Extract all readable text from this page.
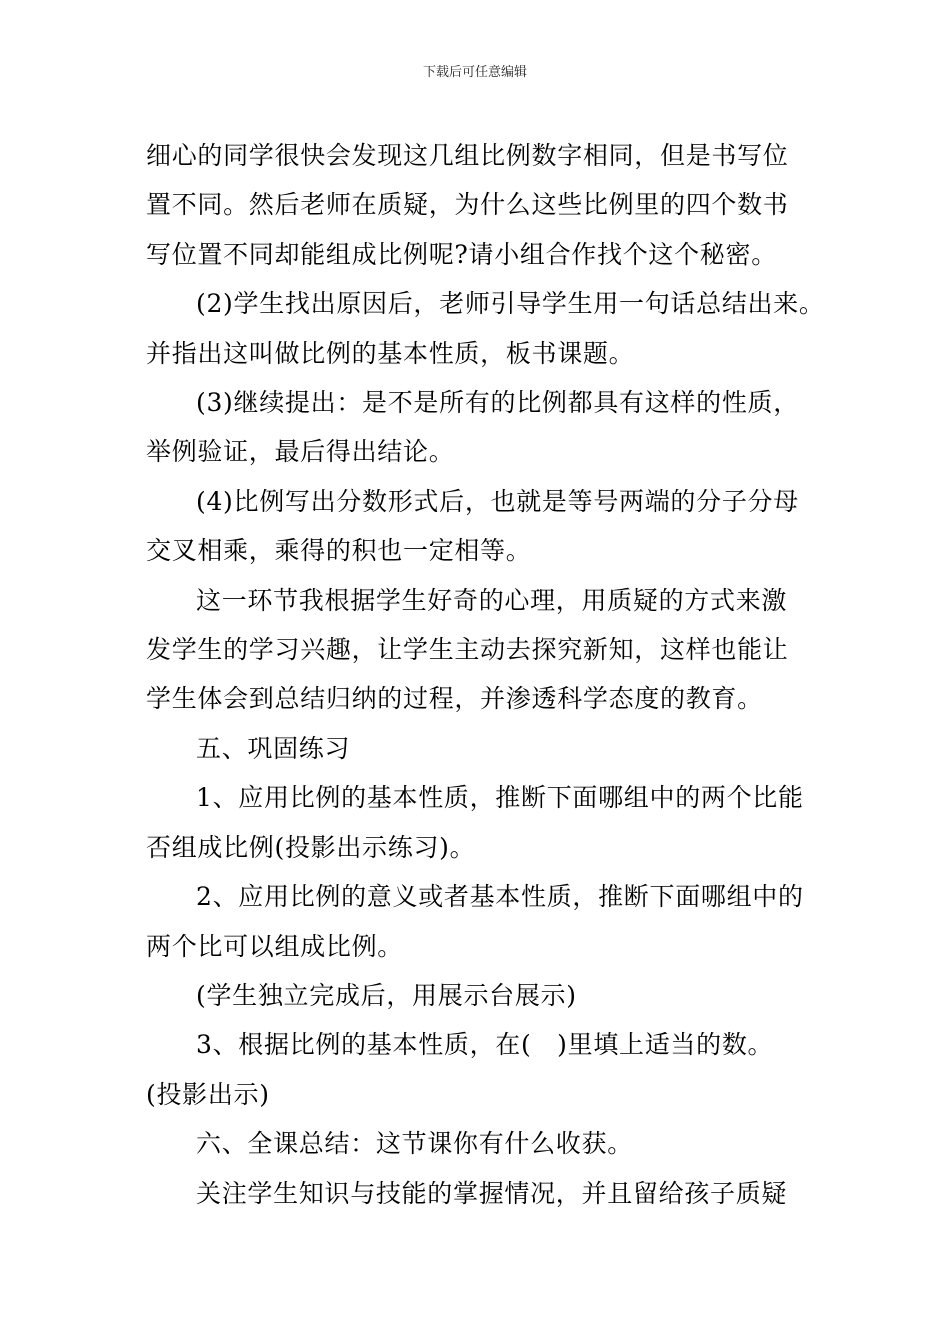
下载后可任意编辑

细心的同学很快会发现这几组比例数字相同，但是书写位
置不同。然后老师在质疑，为什么这些比例里的四个数书
写位置不同却能组成比例呢?请小组合作找个这个秘密。

(2)学生找出原因后，老师引导学生用一句话总结出来。
并指出这叫做比例的基本性质，板书课题。

(3)继续提出：是不是所有的比例都具有这样的性质，
举例验证，最后得出结论。

(4)比例写出分数形式后，也就是等号两端的分子分母
交叉相乘，乘得的积也一定相等。

这一环节我根据学生好奇的心理，用质疑的方式来激
发学生的学习兴趣，让学生主动去探究新知，这样也能让
学生体会到总结归纳的过程，并渗透科学态度的教育。

五、巩固练习

1、应用比例的基本性质，推断下面哪组中的两个比能
否组成比例(投影出示练习)。

2、应用比例的意义或者基本性质，推断下面哪组中的
两个比可以组成比例。

(学生独立完成后，用展示台展示)

3、根据比例的基本性质，在(　)里填上适当的数。
(投影出示)

六、全课总结：这节课你有什么收获。

关注学生知识与技能的掌握情况，并且留给孩子质疑
